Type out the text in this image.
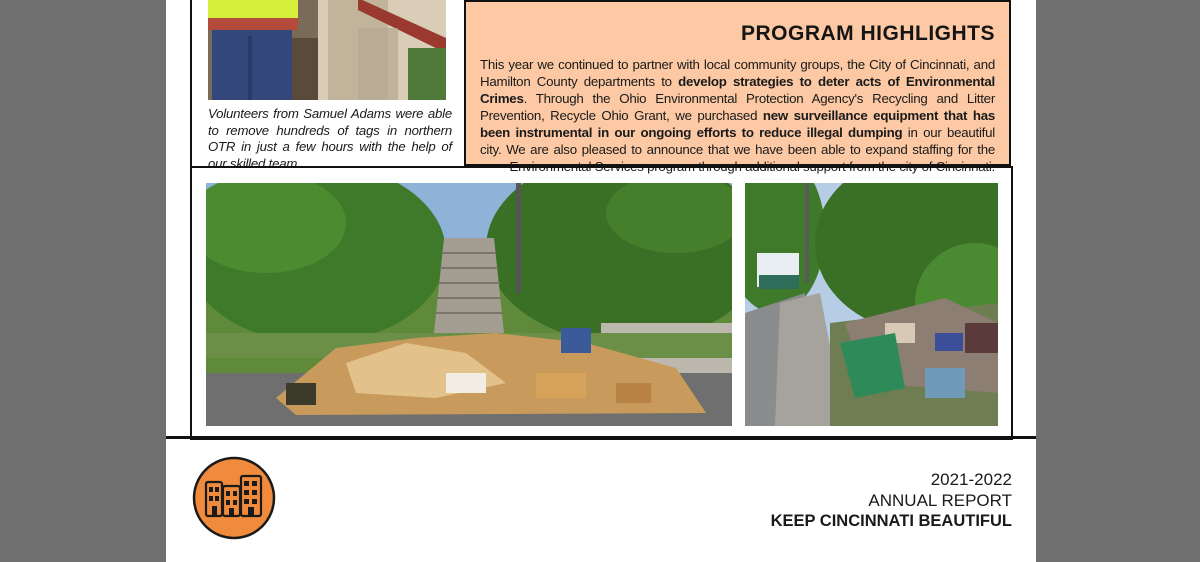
Volunteers from Samuel Adams were able to remove hundreds of tags in northern OTR in just a few hours with the help of our skilled team.
PROGRAM HIGHLIGHTS
This year we continued to partner with local community groups, the City of Cincinnati, and Hamilton County departments to develop strategies to deter acts of Environmental Crimes. Through the Ohio Environmental Protection Agency's Recycling and Litter Prevention, Recycle Ohio Grant, we purchased new surveillance equipment that has been instrumental in our ongoing efforts to reduce illegal dumping in our beautiful city. We are also pleased to announce that we have been able to expand staffing for the Environmental Services program through additional support from the city of Cincinnati.
2021-2022
ANNUAL REPORT
KEEP CINCINNATI BEAUTIFUL
